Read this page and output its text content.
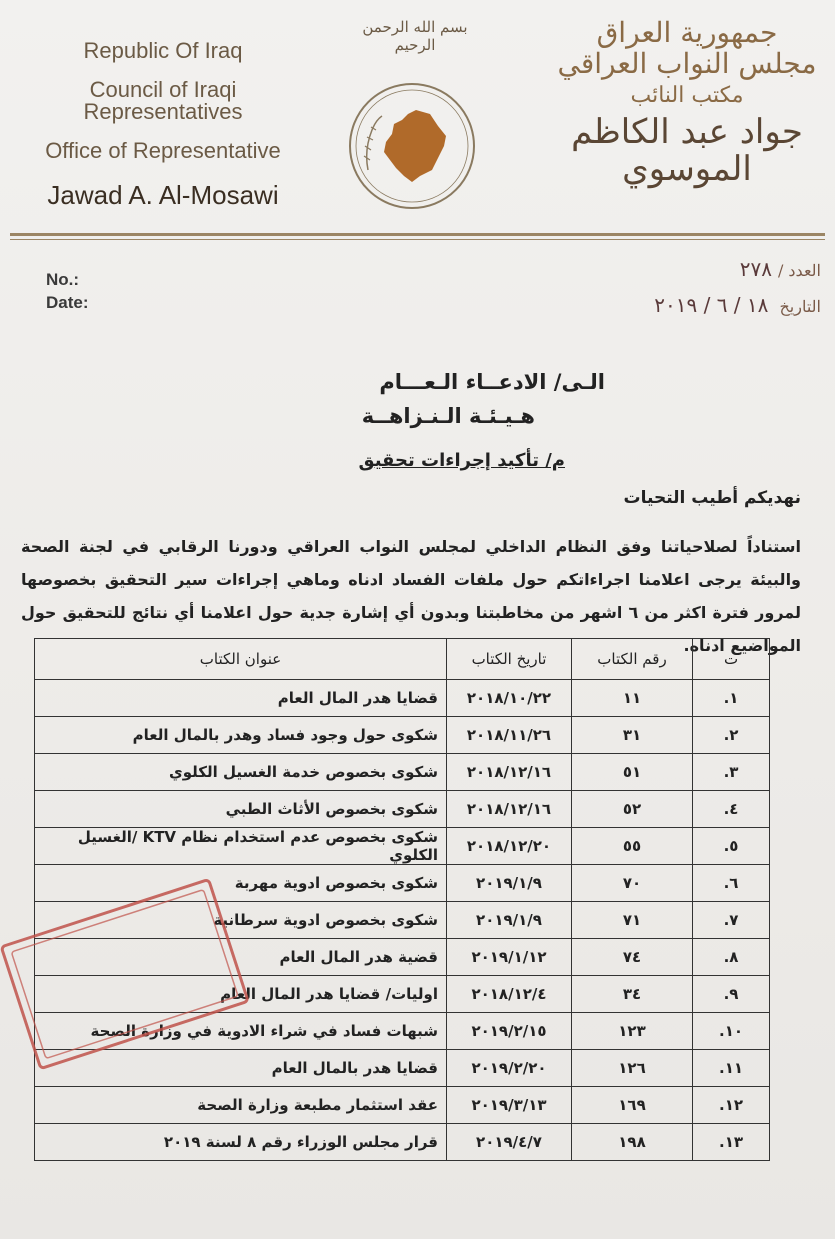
Republic Of Iraq
Council of Iraqi Representatives
Office of Representative
Jawad A. Al-Mosawi
بسم الله الرحمن الرحيم	جمهورية العراق
مجلس النواب العراقي
مكتب النائب
جواد عبد الكاظم الموسوي
No.:
Date:
العدد /٢٧٨
التاريخ ١٨ / ٦ / ٢٠١٩
الـى/ الادعــاء الـعـــام
هـيـئـة الـنـزاهــة
م/ تأكيد إجراءات تحقيق
نهديكم أطيب التحيات
استناداً لصلاحياتنا وفق النظام الداخلي لمجلس النواب العراقي ودورنا الرقابي في لجنة الصحة والبيئة يرجى اعلامنا اجراءاتكم حول ملفات الفساد ادناه وماهي إجراءات سير التحقيق بخصوصها لمرور فترة اكثر من ٦ اشهر من مخاطبتنا وبدون أي إشارة جدية حول اعلامنا أي نتائج للتحقيق حول المواضيع ادناه.
ت	رقم الكتاب	تاريخ الكتاب	عنوان الكتاب
١.	١١	٢٠١٨/١٠/٢٢	قضايا هدر المال العام
٢.	٣١	٢٠١٨/١١/٢٦	شكوى حول وجود فساد وهدر بالمال العام
٣.	٥١	٢٠١٨/١٢/١٦	شكوى بخصوص خدمة الغسيل الكلوي
٤.	٥٢	٢٠١٨/١٢/١٦	شكوى بخصوص الأثاث الطبي
٥.	٥٥	٢٠١٨/١٢/٢٠	شكوى بخصوص عدم استخدام نظام KTV /الغسيل الكلوي
٦.	٧٠	٢٠١٩/١/٩	شكوى بخصوص ادوية مهربة
٧.	٧١	٢٠١٩/١/٩	شكوى بخصوص ادوية سرطانية
٨.	٧٤	٢٠١٩/١/١٢	قضية هدر المال العام
٩.	٣٤	٢٠١٨/١٢/٤	اوليات/ قضايا هدر المال العام
١٠.	١٢٣	٢٠١٩/٢/١٥	شبهات فساد في شراء الادوية في وزارة الصحة
١١.	١٢٦	٢٠١٩/٢/٢٠	قضايا هدر بالمال العام
١٢.	١٦٩	٢٠١٩/٣/١٣	عقد استثمار مطبعة وزارة الصحة
١٣.	١٩٨	٢٠١٩/٤/٧	قرار مجلس الوزراء رقم ٨ لسنة ٢٠١٩
